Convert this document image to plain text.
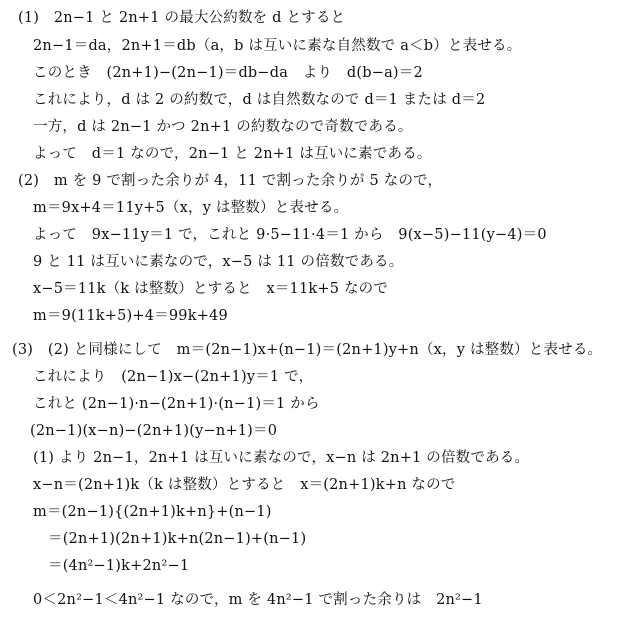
(1)　2n−1 と 2n+1 の最大公約数を d とすると
2n−1＝da，2n+1＝db（a，b は互いに素な自然数で a＜b）と表せる。
このとき　(2n+1)−(2n−1)＝db−da　より　d(b−a)＝2
これにより，d は 2 の約数で，d は自然数なので d＝1 または d＝2
一方，d は 2n−1 かつ 2n+1 の約数なので奇数である。
よって　d＝1 なので，2n−1 と 2n+1 は互いに素である。
(2)　m を 9 で割った余りが 4，11 で割った余りが 5 なので，
m＝9x+4＝11y+5（x，y は整数）と表せる。
よって　9x−11y＝1 で，これと 9·5−11·4＝1 から　9(x−5)−11(y−4)＝0
9 と 11 は互いに素なので，x−5 は 11 の倍数である。
x−5＝11k（k は整数）とすると　x＝11k+5 なので
m＝9(11k+5)+4＝99k+49
(3)　(2) と同様にして　m＝(2n−1)x+(n−1)＝(2n+1)y+n（x，y は整数）と表せる。
これにより　(2n−1)x−(2n+1)y＝1 で，
これと (2n−1)·n−(2n+1)·(n−1)＝1 から
(2n−1)(x−n)−(2n+1)(y−n+1)＝0
(1) より 2n−1，2n+1 は互いに素なので，x−n は 2n+1 の倍数である。
x−n＝(2n+1)k（k は整数）とすると　x＝(2n+1)k+n なので
m＝(2n−1){(2n+1)k+n}+(n−1)
＝(2n+1)(2n+1)k+n(2n−1)+(n−1)
＝(4n²−1)k+2n²−1
0＜2n²−1＜4n²−1 なので，m を 4n²−1 で割った余りは　2n²−1
